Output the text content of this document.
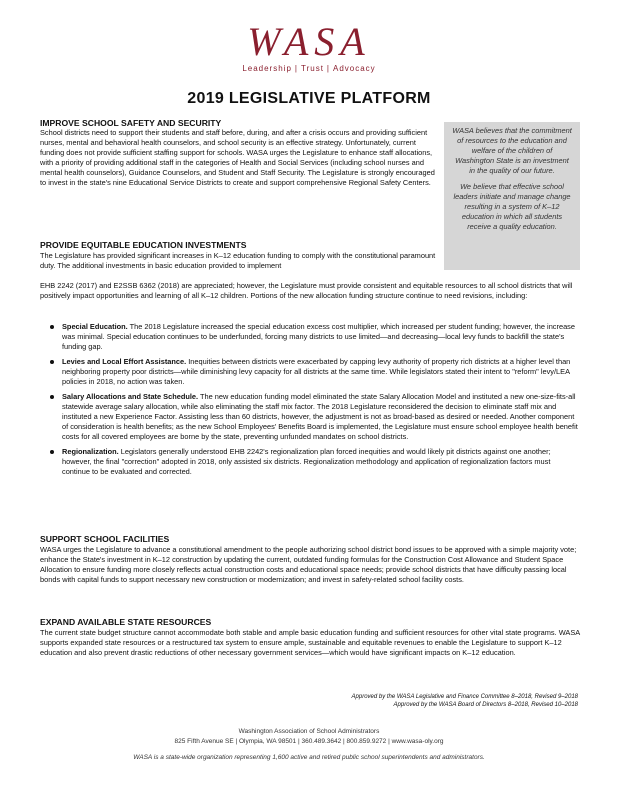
WASA
Leadership | Trust | Advocacy
2019 LEGISLATIVE PLATFORM

WASA believes that the commitment of resources to the education and welfare of the children of Washington State is an investment in the quality of our future.

We believe that effective school leaders initiate and manage change resulting in a system of K–12 education in which all students receive a quality education.

IMPROVE SCHOOL SAFETY AND SECURITY

School districts need to support their students and staff before, during, and after a crisis occurs and providing sufficient nurses, mental and behavioral health counselors, and school security is an effective strategy. Unfortunately, current funding does not provide sufficient staffing support for schools. WASA urges the Legislature to enhance staff allocations, with a priority of providing additional staff in the categories of Health and Social Services (including school nurses and mental health counselors), Guidance Counselors, and Student and Staff Security. The Legislature is strongly encouraged to invest in the state's nine Educational Service Districts to create and support comprehensive Regional Safety Centers.

PROVIDE EQUITABLE EDUCATION INVESTMENTS

The Legislature has provided significant increases in K–12 education funding to comply with the constitutional paramount duty. The additional investments in basic education provided to implement

EHB 2242 (2017) and E2SSB 6362 (2018) are appreciated; however, the Legislature must provide consistent and equitable resources to all school districts that will positively impact opportunities and learning of all K–12 children. Portions of the new allocation funding structure continue to need revisions, including:

Special Education. The 2018 Legislature increased the special education excess cost multiplier, which increased per student funding; however, the increase was minimal. Special education continues to be underfunded, forcing many districts to use limited—and decreasing—local levy funds to backfill the state's funding gap.
Levies and Local Effort Assistance. Inequities between districts were exacerbated by capping levy authority of property rich districts at a higher level than neighboring property poor districts—while diminishing levy capacity for all districts at the same time. While legislators stated their intent to "reform" levy/LEA policies in 2018, no action was taken.
Salary Allocations and State Schedule. The new education funding model eliminated the state Salary Allocation Model and instituted a new one-size-fits-all statewide average salary allocation, while also eliminating the staff mix factor. The 2018 Legislature reconsidered the decision to eliminate staff mix and instituted a new Experience Factor. Assisting less than 60 districts, however, the adjustment is not as broad-based as desired or needed. Another component of consideration is health benefits; as the new School Employees' Benefits Board is implemented, the Legislature must ensure school employee health benefit costs for all covered employees are borne by the state, preventing unfunded mandates on school districts.
Regionalization. Legislators generally understood EHB 2242's regionalization plan forced inequities and would likely pit districts against one another; however, the final "correction" adopted in 2018, only assisted six districts. Regionalization methodology and application of regionalization factors must continue to be evaluated and corrected.
SUPPORT SCHOOL FACILITIES

WASA urges the Legislature to advance a constitutional amendment to the people authorizing school district bond issues to be approved with a simple majority vote; enhance the State's investment in K–12 construction by updating the current, outdated funding formulas for the Construction Cost Allowance and Student Space Allocation to ensure funding more closely reflects actual construction costs and educational space needs; provide school districts that have difficulty passing local bonds with capital funds to support necessary new construction or modernization; and invest in safety-related school facility costs.

EXPAND AVAILABLE STATE RESOURCES

The current state budget structure cannot accommodate both stable and ample basic education funding and sufficient resources for other vital state programs. WASA supports expanded state resources or a restructured tax system to ensure ample, sustainable and equitable revenues to enable the Legislature to support K–12 education and also prevent drastic reductions of other necessary government services—which would have significant impacts on K–12 education.

Approved by the WASA Legislative and Finance Committee 8–2018, Revised 9–2018
Approved by the WASA Board of Directors 8–2018, Revised 10–2018
Washington Association of School Administrators
825 Fifth Avenue SE | Olympia, WA 98501 | 360.489.3642 | 800.859.9272 | www.wasa-oly.org
WASA is a state-wide organization representing 1,600 active and retired public school superintendents and administrators.
